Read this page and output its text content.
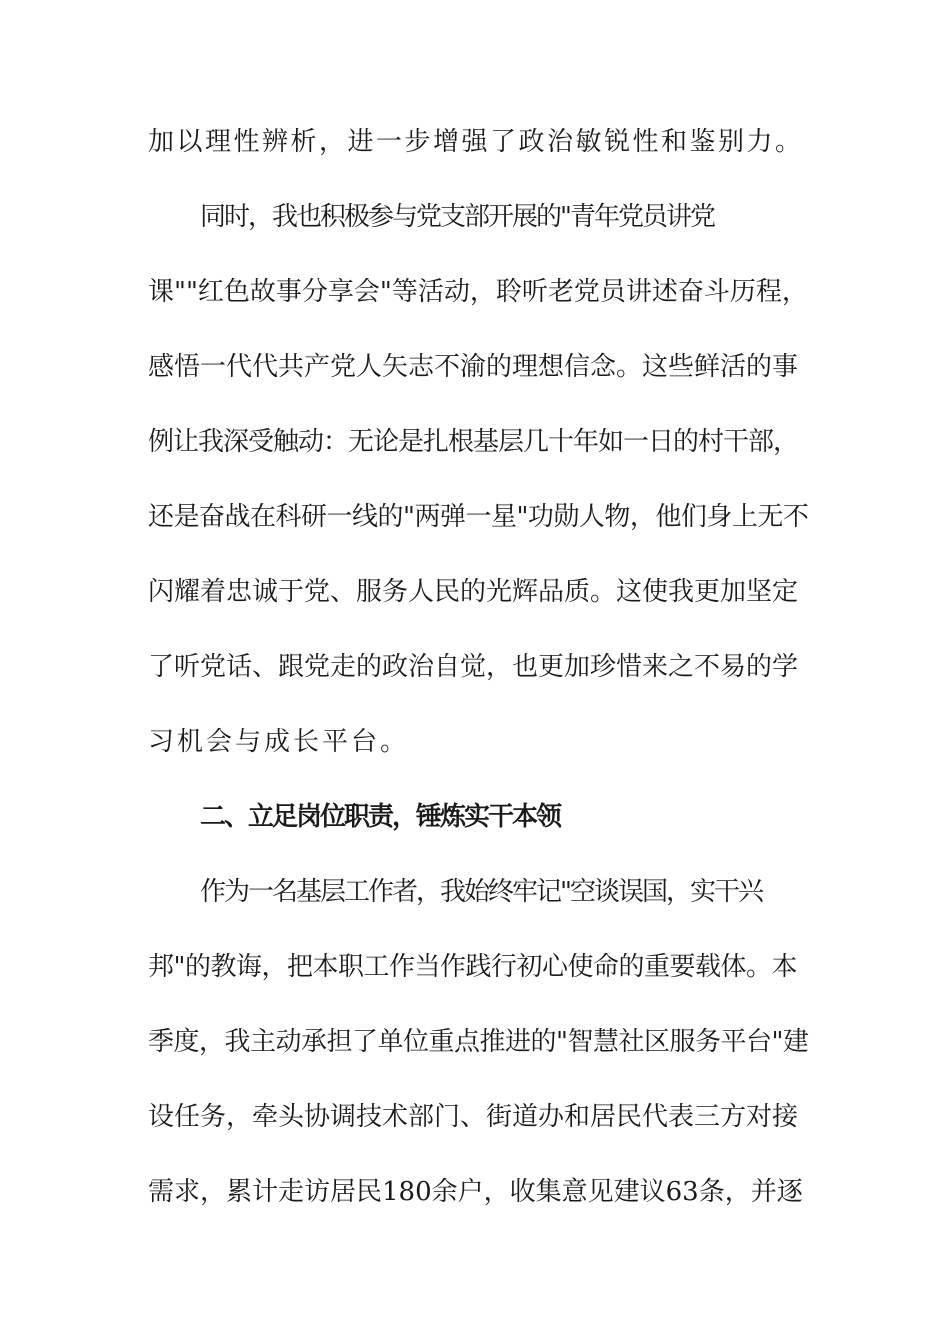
加以理性辨析，进一步增强了政治敏锐性和鉴别力。
同时，我也积极参与党支部开展的"青年党员讲党
课""红色故事分享会"等活动，聆听老党员讲述奋斗历程，
感悟一代代共产党人矢志不渝的理想信念。这些鲜活的事
例让我深受触动：无论是扎根基层几十年如一日的村干部，
还是奋战在科研一线的"两弹一星"功勋人物，他们身上无不
闪耀着忠诚于党、服务人民的光辉品质。这使我更加坚定
了听党话、跟党走的政治自觉，也更加珍惜来之不易的学
习机会与成长平台。
二、立足岗位职责，锤炼实干本领
作为一名基层工作者，我始终牢记"空谈误国，实干兴
邦"的教诲，把本职工作当作践行初心使命的重要载体。本
季度，我主动承担了单位重点推进的"智慧社区服务平台"建
设任务，牵头协调技术部门、街道办和居民代表三方对接
需求，累计走访居民180余户，收集意见建议63条，并逐
